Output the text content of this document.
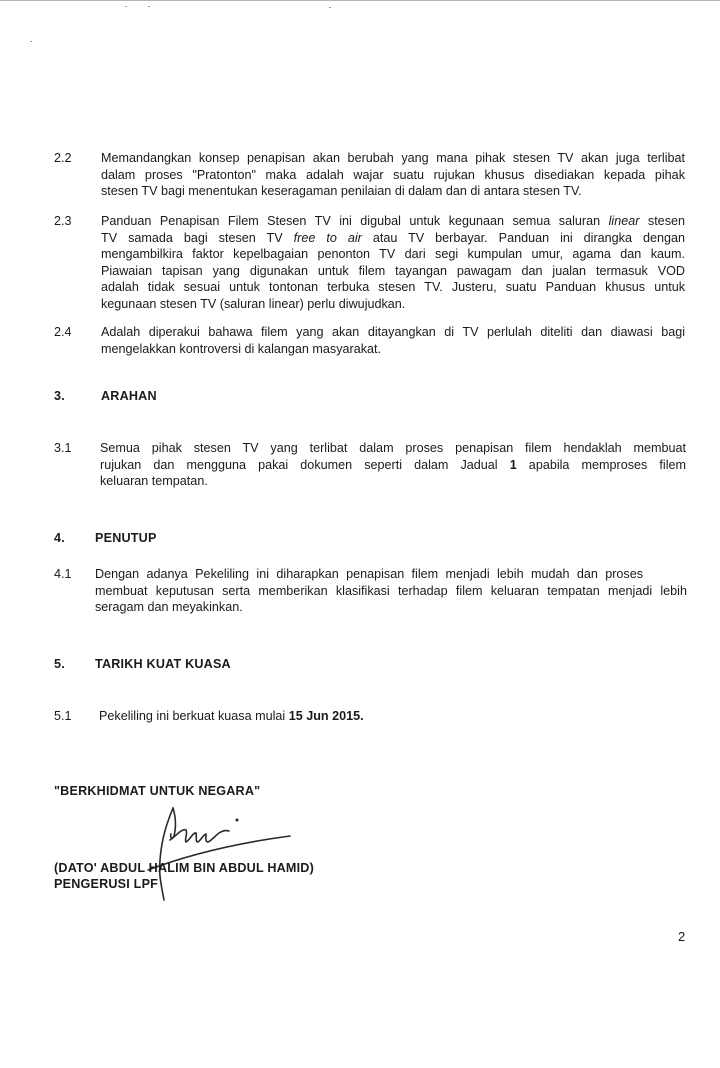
2.2 Memandangkan konsep penapisan akan berubah yang mana pihak stesen TV akan juga terlibat
dalam proses "Pratonton" maka adalah wajar suatu rujukan khusus disediakan kepada pihak
stesen TV bagi menentukan keseragaman penilaian di dalam dan di antara stesen TV.
2.3 Panduan Penapisan Filem Stesen TV ini digubal untuk kegunaan semua saluran linear stesen
TV samada bagi stesen TV free to air atau TV berbayar. Panduan ini dirangka dengan
mengambilkira faktor kepelbagaian penonton TV dari segi kumpulan umur, agama dan kaum.
Piawaian tapisan yang digunakan untuk filem tayangan pawagam dan jualan termasuk VOD
adalah tidak sesuai untuk tontonan terbuka stesen TV. Justeru, suatu Panduan khusus untuk
kegunaan stesen TV (saluran linear) perlu diwujudkan.
2.4 Adalah diperakui bahawa filem yang akan ditayangkan di TV perlulah diteliti dan diawasi bagi
mengelakkan kontroversi di kalangan masyarakat.
3.	ARAHAN
3.1 Semua pihak stesen TV yang terlibat dalam proses penapisan filem hendaklah membuat
rujukan dan mengguna pakai dokumen seperti dalam Jadual 1 apabila memproses filem
keluaran tempatan.
4. PENUTUP
4.1 Dengan adanya Pekeliling ini diharapkan penapisan filem menjadi lebih mudah dan proses
membuat keputusan serta memberikan klasifikasi terhadap filem keluaran tempatan menjadi lebih
seragam dan meyakinkan.
5. TARIKH KUAT KUASA
5.1 Pekeliling ini berkuat kuasa mulai 15 Jun 2015.
"BERKHIDMAT UNTUK NEGARA"
(DATO' ABDUL HALIM BIN ABDUL HAMID)
PENGERUSI LPF
2
